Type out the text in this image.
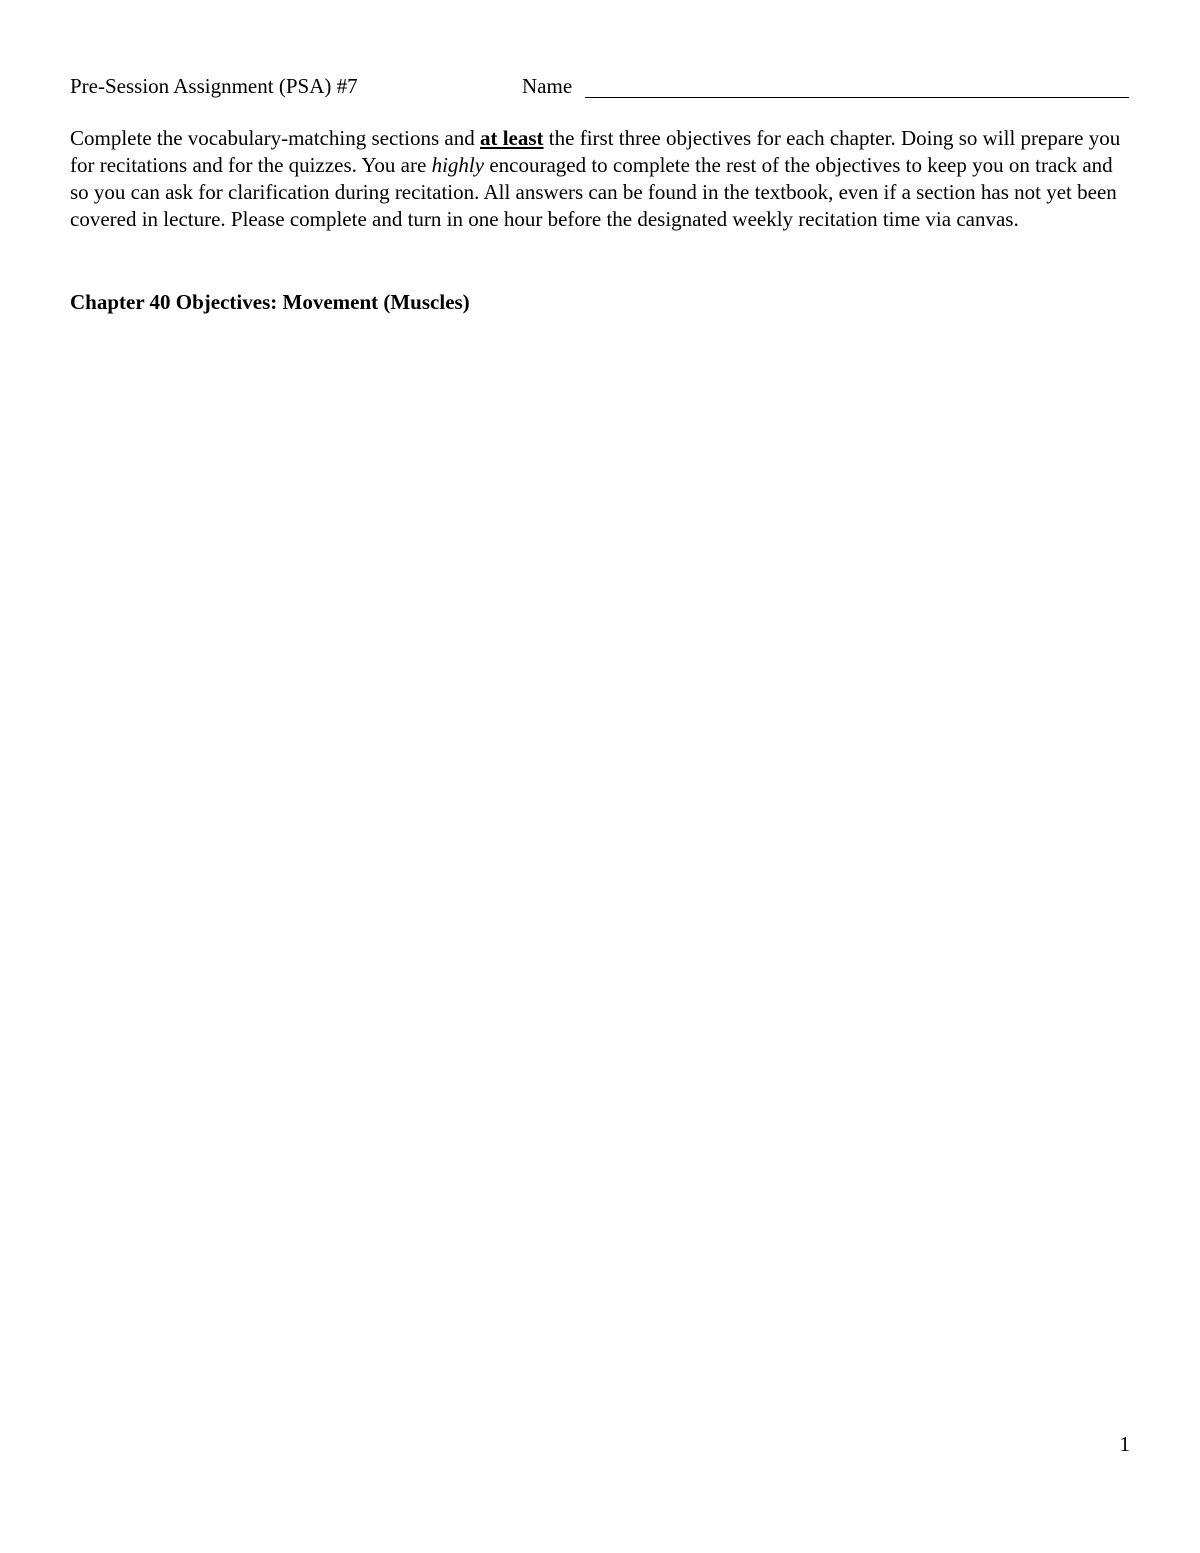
Pre-Session Assignment (PSA) #7	Name

Complete the vocabulary-matching sections and at least the first three objectives for each chapter. Doing so will prepare you for recitations and for the quizzes. You are highly encouraged to complete the rest of the objectives to keep you on track and so you can ask for clarification during recitation. All answers can be found in the textbook, even if a section has not yet been covered in lecture. Please complete and turn in one hour before the designated weekly recitation time via canvas.

Chapter 40 Objectives: Movement (Muscles)
1
